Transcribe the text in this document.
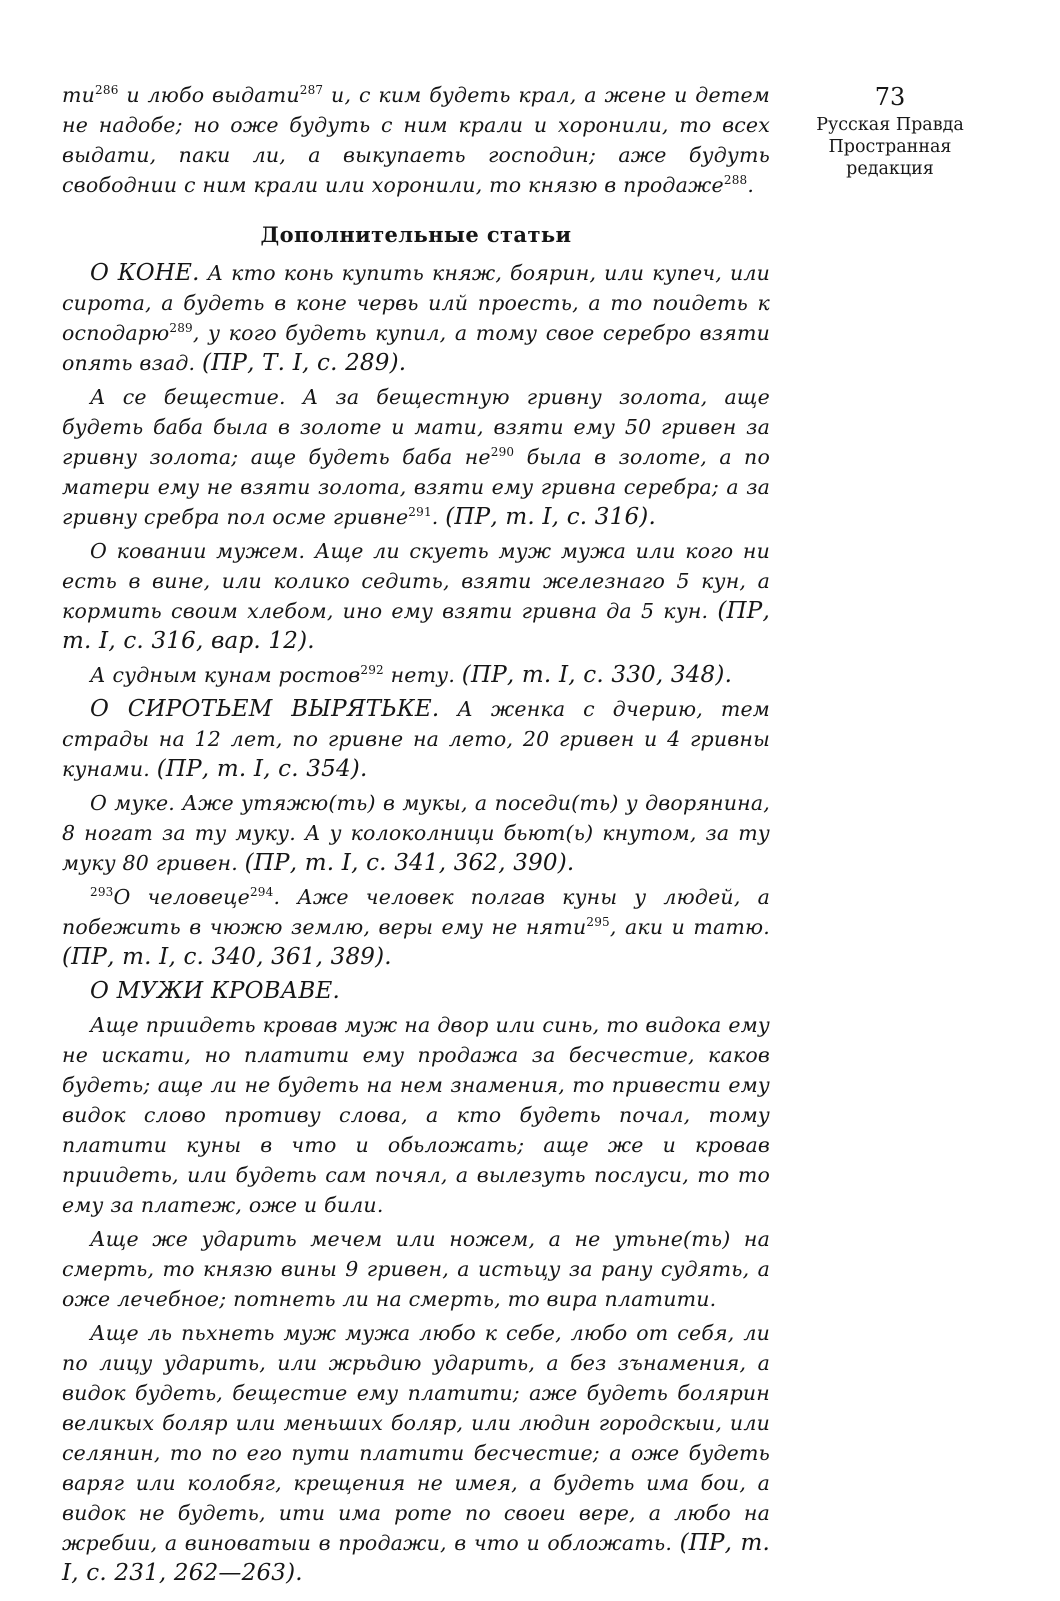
73
Русская Правда
Пространная
редакция

$ти^{286}$ и любо выдати$^{287}$ и, с ким будеть крал, а жене и детем не надобе; но оже будуть с ним крали и хоронили, то всех выдати, паки ли, а выкупаеть господин; аже будуть свободнии с ним крали или хоронили, то князю в продаже$^{288}$.

Дополнительные статьи

О КОНЕ. А кто конь купить княж, боярин, или купеч, или сирота, а будеть в коне червь илй проесть, а то поидеть к осподарю$^{289}$, у кого будеть купил, а тому свое серебро взяти опять взад. (ПР, Т. I, с. 289).

А се бещестие. А за бещестную гривну золота, аще будеть баба была в золоте и мати, взяти ему 50 гривен за гривну золота; аще будеть баба $не^{290}$ была в золоте, а по матери ему не взяти золота, взяти ему гривна серебра; а за гривну сребра пол осме гривне$^{291}$. (ПР, т. I, с. 316).

О ковании мужем. Аще ли скуеть муж мужа или кого ни есть в вине, или колико седить, взяти железнаго 5 кун, а кормить своим хлебом, ино ему взяти гривна да 5 кун. (ПР, т. I, с. 316, вар. 12).

А судным кунам ростов$^{292}$ нету. (ПР, т. I, с. 330, 348).

О СИРОТЬЕМ ВЫРЯТЬКЕ. А женка с дчерию, тем страды на 12 лет, по гривне на лето, 20 гривен и 4 гривны кунами. (ПР, т. I, с. 354).

О муке. Аже утяжю(ть) в мукы, а поседи(ть) у дворянина, 8 ногат за ту муку. А у колоколници бьют(ь) кнутом, за ту муку 80 гривен. (ПР, т. I, с. 341, 362, 390).

$^{293}$О человеце$^{294}$. Аже человек полгав куны у людей, а побежить в чюжю землю, веры ему не няти$^{295}$, аки и татю. (ПР, т. I, с. 340, 361, 389).

О МУЖИ КРОВАВЕ.

Аще приидеть кровав муж на двор или синь, то видока ему не искати, но платити ему продажа за бесчестие, каков будеть; аще ли не будеть на нем знамения, то привести ему видок слово противу слова, а кто будеть почал, тому платити куны в что и обьложать; аще же и кровав приидеть, или будеть сам почял, а вылезуть послуси, то то ему за платеж, оже и били.

Аще же ударить мечем или ножем, а не утьне(ть) на смерть, то князю вины 9 гривен, а истьцу за рану судять, а оже лечебное; потнеть ли на смерть, то вира платити.

Аще ль пьхнеть муж мужа любо к себе, любо от себя, ли по лицу ударить, или жрьдию ударить, а без зънамения, а видок будеть, бещестие ему платити; аже будеть болярин великых боляр или меньших боляр, или людин городскыи, или селянин, то по его пути платити бесчестие; а оже будеть варяг или колобяг, крещения не имея, а будеть има бои, а видок не будеть, ити има роте по своеи вере, а любо на жребии, а виноватыи в продажи, в что и обложать. (ПР, т. I, с. 231, 262—263).
